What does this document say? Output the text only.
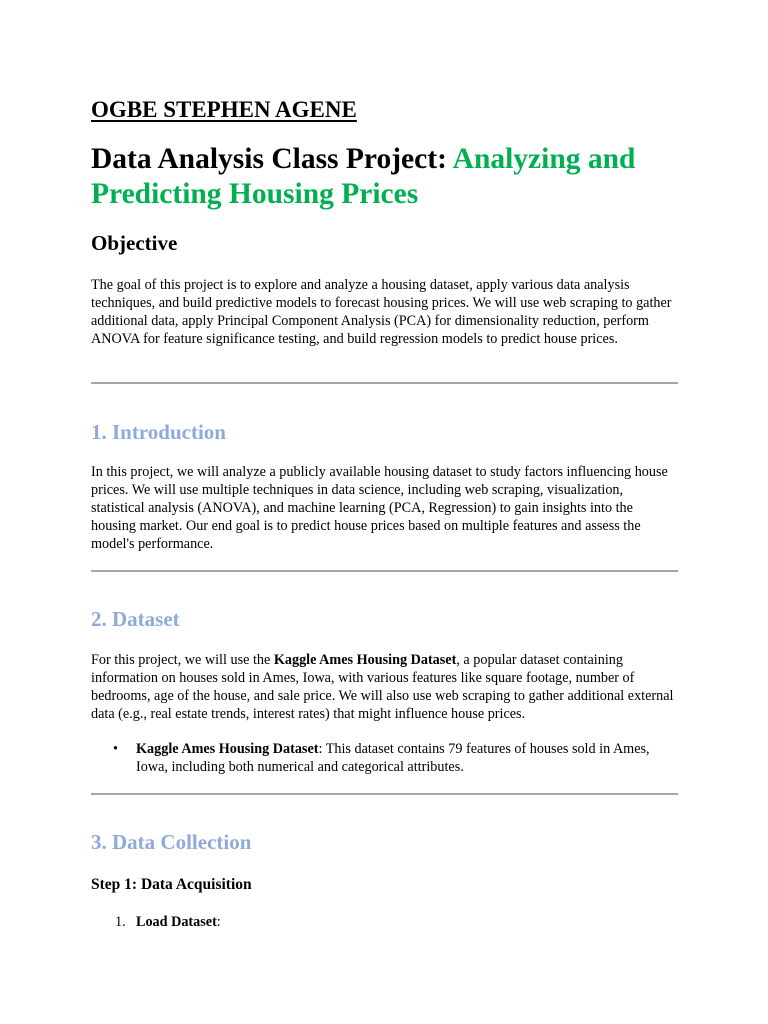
OGBE STEPHEN AGENE
Data Analysis Class Project: Analyzing and Predicting Housing Prices
Objective

The goal of this project is to explore and analyze a housing dataset, apply various data analysis techniques, and build predictive models to forecast housing prices. We will use web scraping to gather additional data, apply Principal Component Analysis (PCA) for dimensionality reduction, perform ANOVA for feature significance testing, and build regression models to predict house prices.

1. Introduction

In this project, we will analyze a publicly available housing dataset to study factors influencing house prices. We will use multiple techniques in data science, including web scraping, visualization, statistical analysis (ANOVA), and machine learning (PCA, Regression) to gain insights into the housing market. Our end goal is to predict house prices based on multiple features and assess the model's performance.

2. Dataset

For this project, we will use the Kaggle Ames Housing Dataset, a popular dataset containing information on houses sold in Ames, Iowa, with various features like square footage, number of bedrooms, age of the house, and sale price. We will also use web scraping to gather additional external data (e.g., real estate trends, interest rates) that might influence house prices.

• Kaggle Ames Housing Dataset: This dataset contains 79 features of houses sold in Ames, Iowa, including both numerical and categorical attributes.
3. Data Collection
Step 1: Data Acquisition
1. Load Dataset:
